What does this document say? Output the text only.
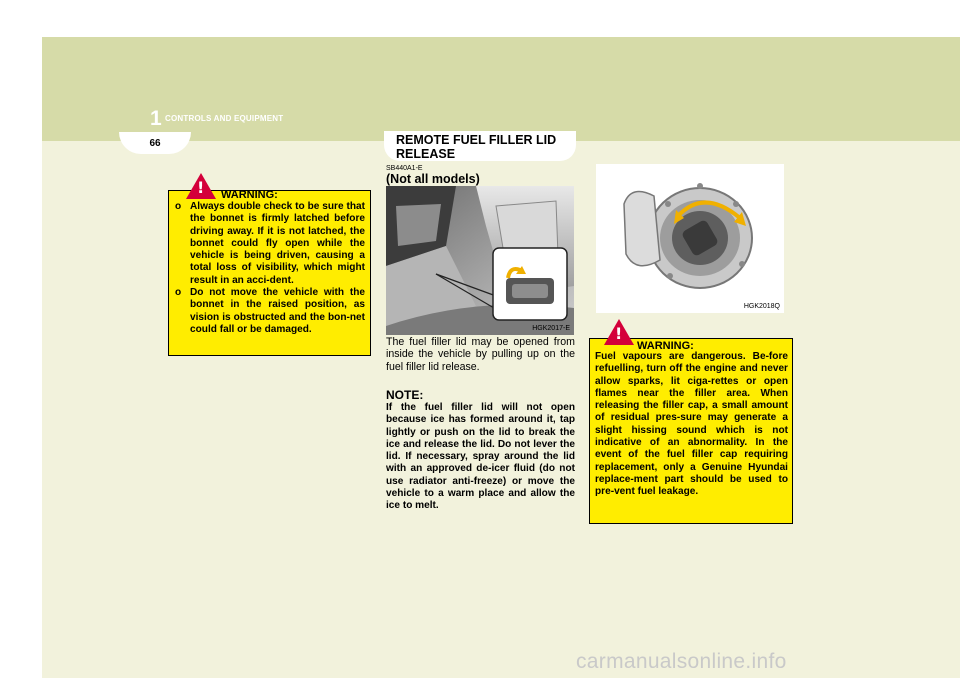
1 CONTROLS AND EQUIPMENT
66	REMOTE FUEL FILLER LID RELEASE
! WARNING:
o Always double check to be sure that the bonnet is firmly latched before driving away. If it is not latched, the bonnet could fly open while the vehicle is being driven, causing a total loss of visibility, which might result in an acci-dent.
o Do not move the vehicle with the bonnet in the raised position, as vision is obstructed and the bon-net could fall or be damaged.
SB440A1-E
(Not all models)
HGK2017-E
The fuel filler lid may be opened from inside the vehicle by pulling up on the fuel filler lid release.
NOTE:
If the fuel filler lid will not open because ice has formed around it, tap lightly or push on the lid to break the ice and release the lid. Do not lever the lid. If necessary, spray around the lid with an approved de-icer fluid (do not use radiator anti-freeze) or move the vehicle to a warm place and allow the ice to melt.
HGK2018Q
!
WARNING:
Fuel vapours are dangerous. Be-fore refuelling, turn off the engine and never allow sparks, lit ciga-rettes or open flames near the filler area. When releasing the filler cap, a small amount of residual pres-sure may generate a slight hissing sound which is not indicative of an abnormality. In the event of the fuel filler cap requiring replacement, only a Genuine Hyundai replace-ment part should be used to pre-vent fuel leakage.
carmanualsonline.info
